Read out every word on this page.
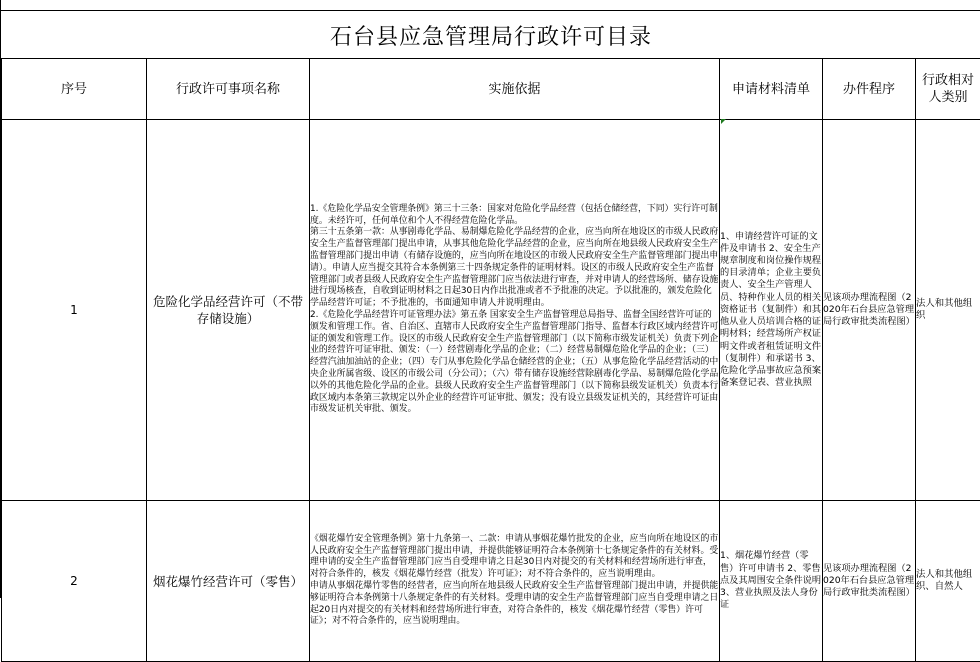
石台县应急管理局行政许可目录
序号	行政许可事项名称	实施依据	申请材料清单	办件程序	行政相对人类别
1	危险化学品经营许可（不带存储设施）	1.《危险化学品安全管理条例》第三十三条：国家对危险化学品经营（包括仓储经营，下同）实行许可制度。未经许可，任何单位和个人不得经营危险化学品。
第三十五条第一款：从事剧毒化学品、易制爆危险化学品经营的企业，应当向所在地设区的市级人民政府安全生产监督管理部门提出申请，从事其他危险化学品经营的企业，应当向所在地县级人民政府安全生产监督管理部门提出申请（有储存设施的，应当向所在地设区的市级人民政府安全生产监督管理部门提出申请）。申请人应当提交其符合本条例第三十四条规定条件的证明材料。设区的市级人民政府安全生产监督管理部门或者县级人民政府安全生产监督管理部门应当依法进行审查，并对申请人的经营场所、储存设施进行现场核查，自收到证明材料之日起30日内作出批准或者不予批准的决定。予以批准的，颁发危险化学品经营许可证；不予批准的，书面通知申请人并说明理由。
2.《危险化学品经营许可证管理办法》第五条 国家安全生产监督管理总局指导、监督全国经营许可证的颁发和管理工作。省、自治区、直辖市人民政府安全生产监督管理部门指导、监督本行政区域内经营许可证的颁发和管理工作。设区的市级人民政府安全生产监督管理部门（以下简称市级发证机关）负责下列企业的经营许可证审批、颁发：（一）经营剧毒化学品的企业；（二）经营易制爆危险化学品的企业；（三）经营汽油加油站的企业；（四）专门从事危险化学品仓储经营的企业；（五）从事危险化学品经营活动的中央企业所属省级、设区的市级公司（分公司）；（六）带有储存设施经营除剧毒化学品、易制爆危险化学品以外的其他危险化学品的企业。县级人民政府安全生产监督管理部门（以下简称县级发证机关）负责本行政区域内本条第三款规定以外企业的经营许可证审批、颁发；没有设立县级发证机关的，其经营许可证由市级发证机关审批、颁发。	1、申请经营许可证的文件及申请书 2、安全生产规章制度和岗位操作规程的目录清单；企业主要负责人、安全生产管理人员、特种作业人员的相关资格证书（复制件）和其他从业人员培训合格的证明材料；经营场所产权证明文件或者租赁证明文件（复制件）和承诺书 3、危险化学品事故应急预案备案登记表、营业执照	见该项办理流程图（2020年石台县应急管理局行政审批类流程图）	法人和其他组织
2	烟花爆竹经营许可（零售）	《烟花爆竹安全管理条例》第十九条第一、二款：申请从事烟花爆竹批发的企业，应当向所在地设区的市人民政府安全生产监督管理部门提出申请，并提供能够证明符合本条例第十七条规定条件的有关材料。受理申请的安全生产监督管理部门应当自受理申请之日起30日内对提交的有关材料和经营场所进行审查，对符合条件的，核发《烟花爆竹经营（批发）许可证》；对不符合条件的，应当说明理由。
申请从事烟花爆竹零售的经营者，应当向所在地县级人民政府安全生产监督管理部门提出申请，并提供能够证明符合本条例第十八条规定条件的有关材料。受理申请的安全生产监督管理部门应当自受理申请之日起20日内对提交的有关材料和经营场所进行审查，对符合条件的，核发《烟花爆竹经营（零售）许可证》；对不符合条件的，应当说明理由。	1、烟花爆竹经营（零售）许可申请书 2、零售点及其周围安全条件说明 3、营业执照及法人身份证	见该项办理流程图（2020年石台县应急管理局行政审批类流程图）	法人和其他组织、自然人
